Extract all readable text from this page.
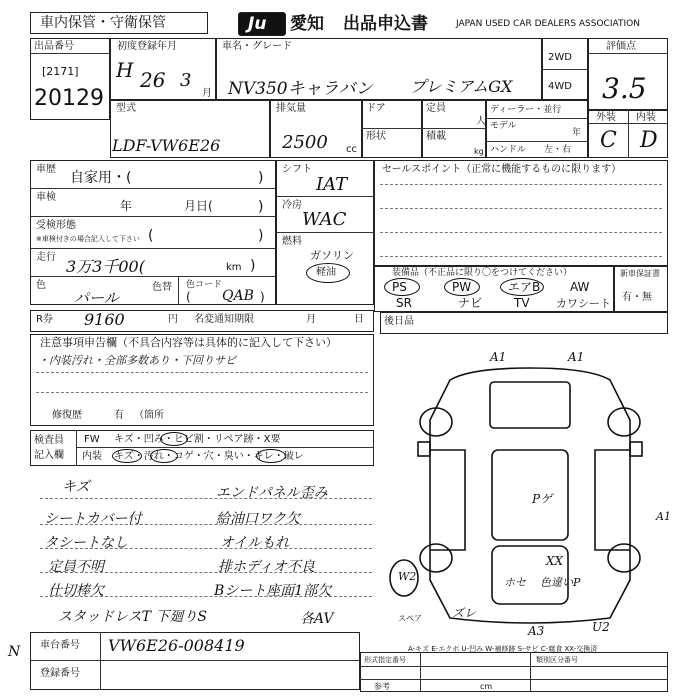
車内保管・守衛保管	Ju 愛知 出品申込書	JAPAN USED CAR DEALERS ASSOCIATION
出品番号
[2171]
20129
初度登録年月
H 26 3
月
車名・グレード
NV350キャラバン プレミアムGX
2WD
4WD
評価点
3.5
型式
LDF-VW6E26
排気量
2500 cc
ドア
形状
定員
人
積載
kg
ディーラー・並行
モデル
年
ハンドル 左・右
外装 内装
C D
車歴
自家用・(	)
車検
年	月日(	)
受検形態
※車検付きの場合記入して下さい (	)
走行 3万3千00(	km )
色
パール
色替 色コード
( QAB )
シフト
IAT
冷房
WAC
燃料
ガソリン
軽油
セールスポイント（正常に機能するものに限ります）
装備品（不正品に限り〇をつけてください）
PS	PW	エアB AW
SR	ナビ	TV カワシート
新車保証書
有・無
R券 9160	円 名変通知期限	月	日 後日品
注意事項申告欄（不具合内容等は具体的に記入して下さい）
・内装汚れ・全部多数あり・下回りサビ
修復歴	有 （箇所
検査員
記入欄
FW キズ・凹み・ヒビ割・リペア跡・X要
内装 キズ・汚れ・コゲ・穴・臭い・キレ・破レ
キズ
シートカバー付
タシートなし
定員不明
仕切棒欠
スタッドレスT 下廻りS
エンドパネル歪み
給油口ワク欠
オイルもれ
排ホディオ不良
Bシート座面1部欠
各AV
A1	A1
Pゲ
XX
A1
W2	ホセ 色違いP
ズレ
A3	U2
スペア
A-キズ E-エクボ U-凹み W-補修跡 S-サビ C-腐食 XX-交換済
N 車台番号 VW6E26-008419
登録番号
形式指定番号	類別区分番号
参考	cm
